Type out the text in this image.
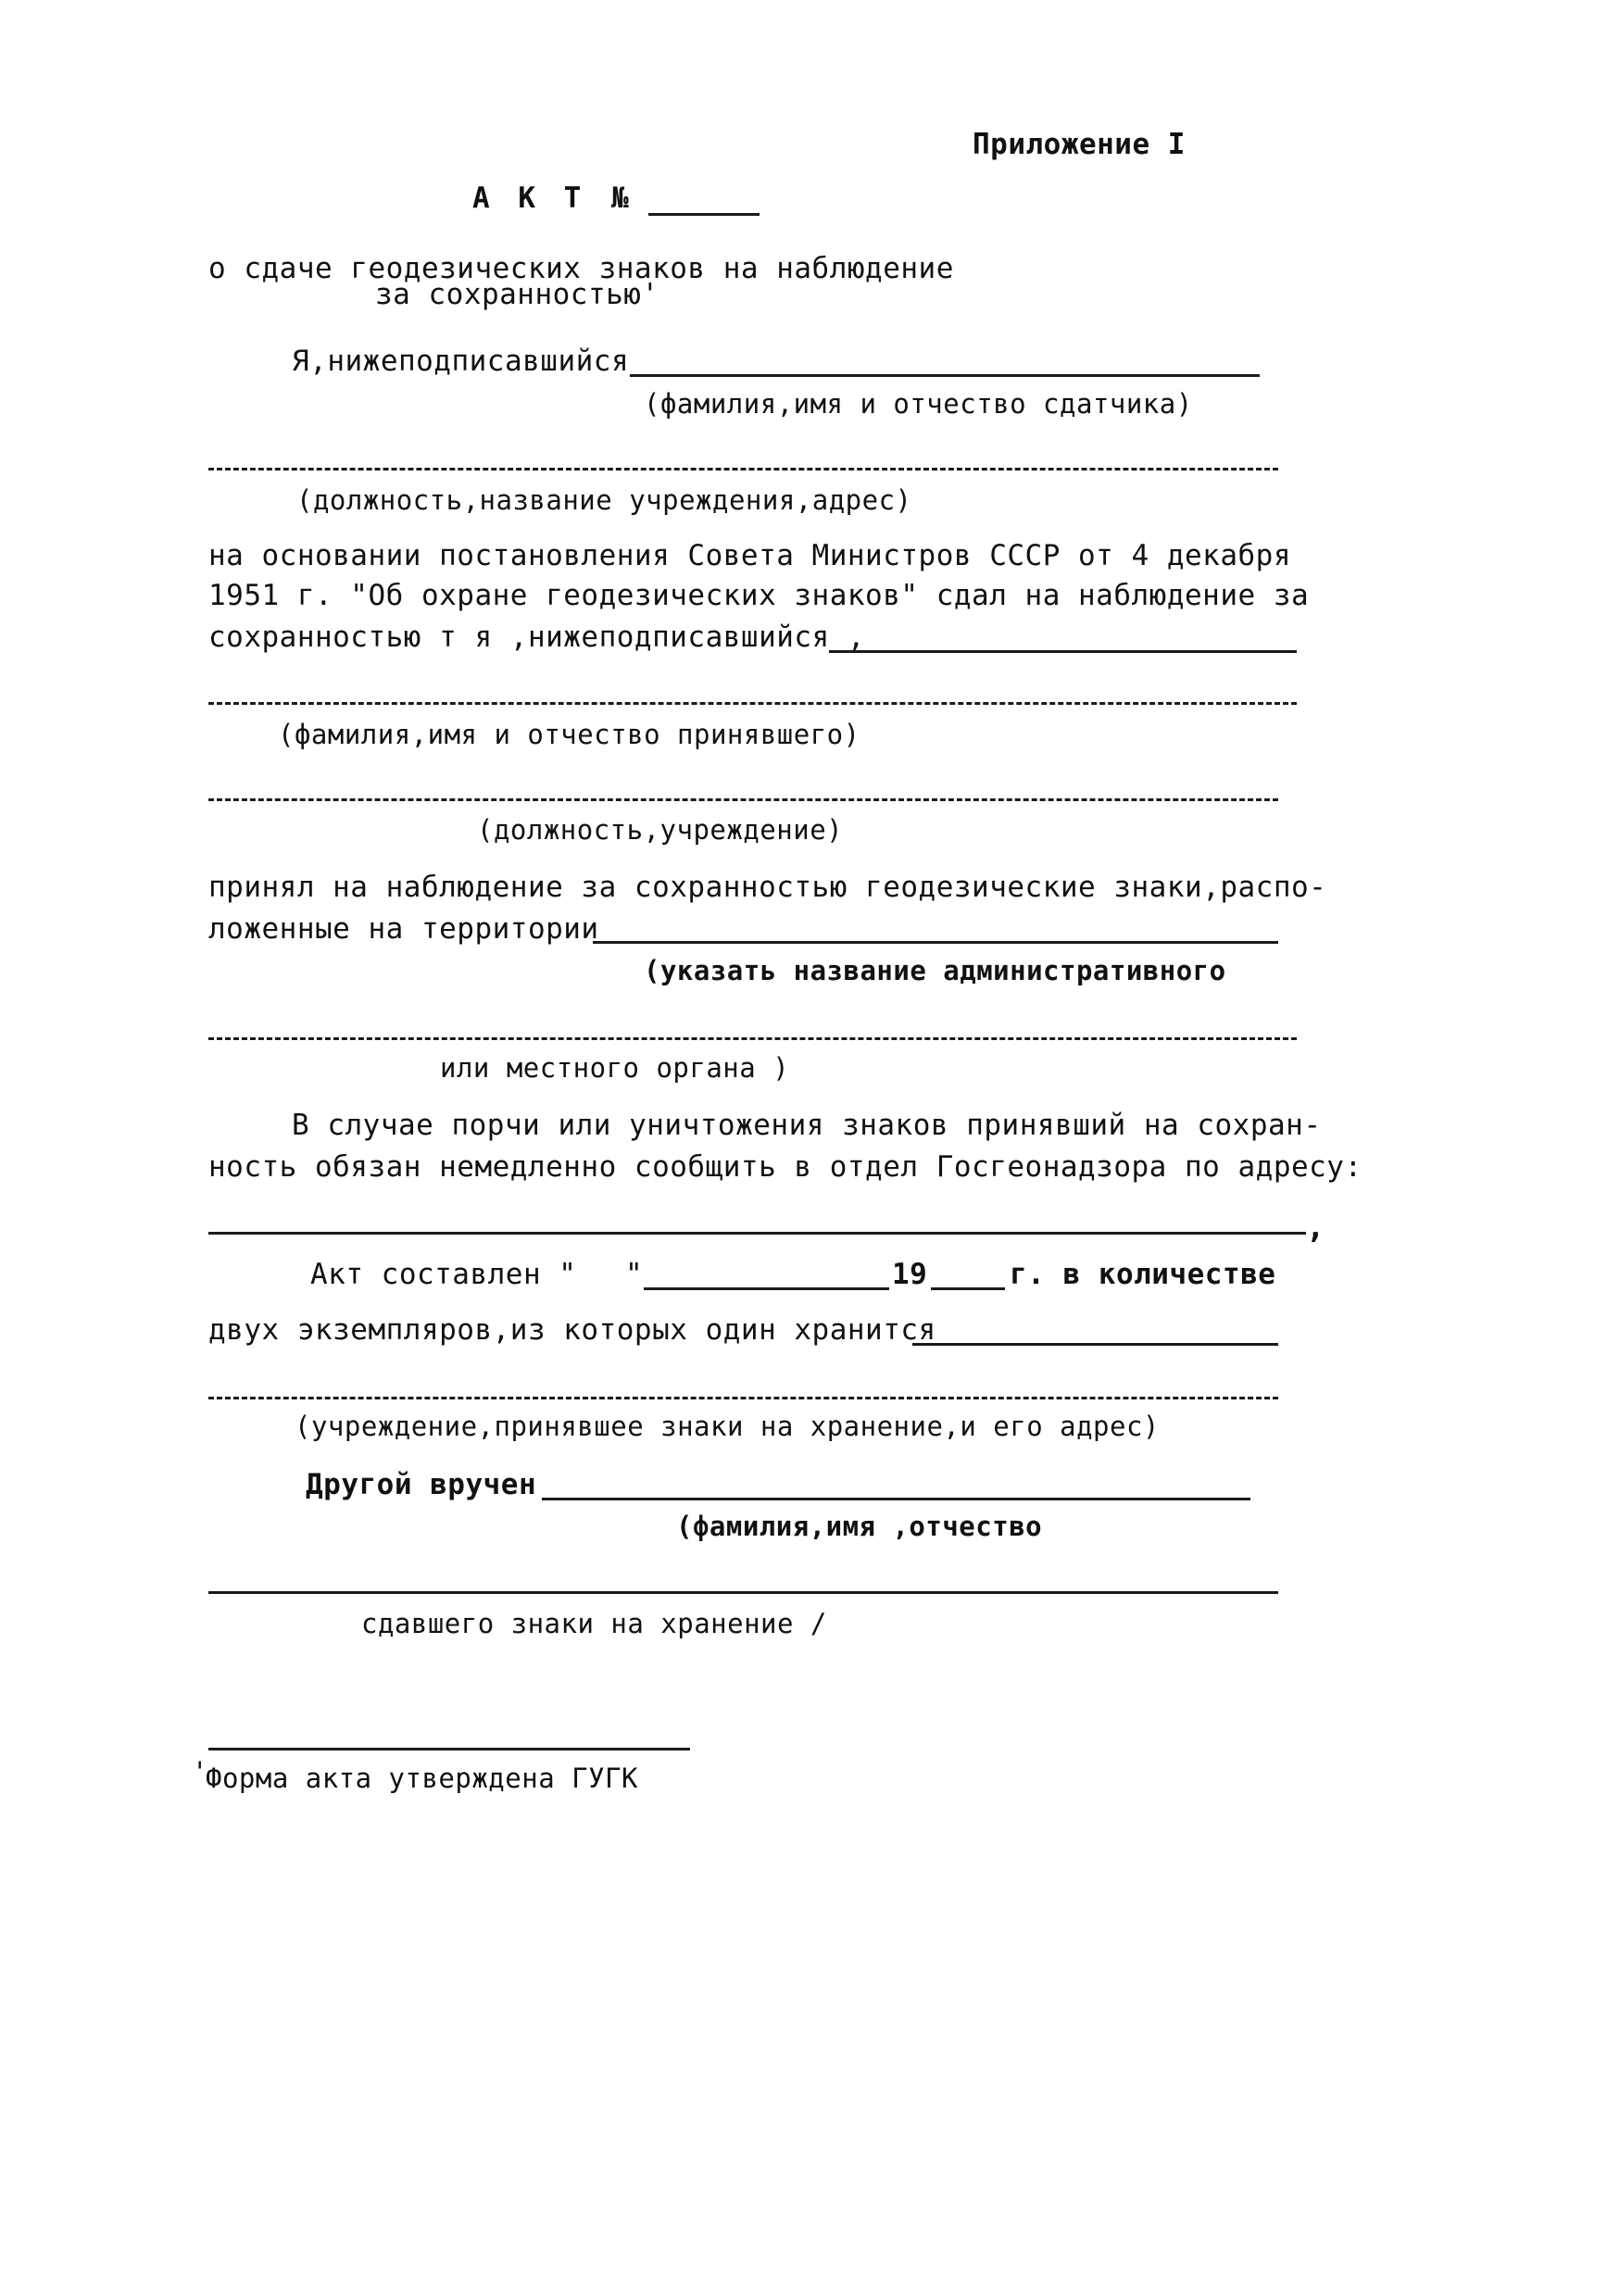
Приложение I
А К Т №
о сдаче геодезических знаков на наблюдение
за сохранностью'
Я,нижеподписавшийся
(фамилия,имя и отчество сдатчика)
(должность,название учреждения,адрес)
на основании постановления Совета Министров СССР от 4 декабря
1951 г. "Об охране геодезических знаков" сдал на наблюдение за
сохранностью т я ,нижеподписавшийся ,
(фамилия,имя и отчество принявшего)
(должность,учреждение)
принял на наблюдение за сохранностью геодезические знаки,распо-
ложенные на территории
(указать название административного
или местного органа )
В случае порчи или уничтожения знаков принявший на сохран-
ность обязан немедленно сообщить в отдел Госгеонадзора по адресу:
,
Акт составлен " "	19	г. в количестве
двух экземпляров,из которых один хранится
(учреждение,принявшее знаки на хранение,и его адрес)
Другой вручен
(фамилия,имя ,отчество
сдавшего знаки на хранение /
'
Форма акта утверждена ГУГК
